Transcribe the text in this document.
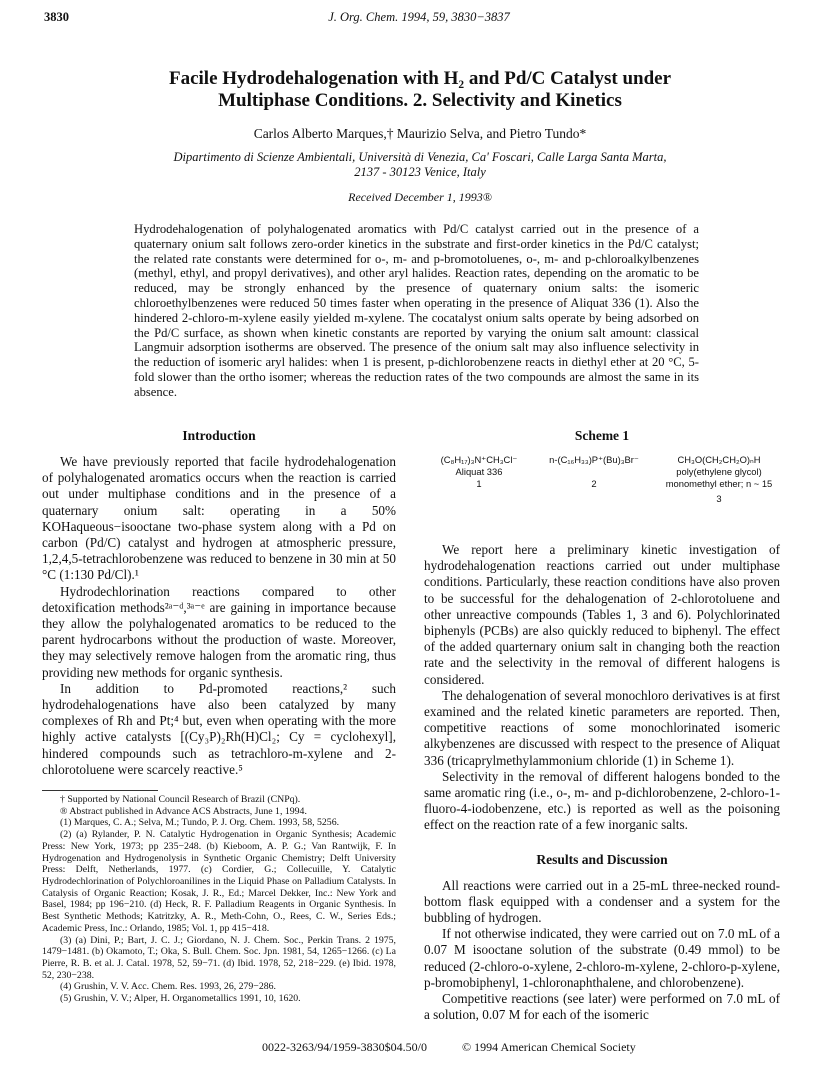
3830	J. Org. Chem. 1994, 59, 3830−3837
Facile Hydrodehalogenation with H₂ and Pd/C Catalyst under
Multiphase Conditions. 2. Selectivity and Kinetics
Carlos Alberto Marques,† Maurizio Selva, and Pietro Tundo*
Dipartimento di Scienze Ambientali, Università di Venezia, Ca' Foscari, Calle Larga Santa Marta,
2137 - 30123 Venice, Italy
Received December 1, 1993®

Hydrodehalogenation of polyhalogenated aromatics with Pd/C catalyst carried out in the presence of a quaternary onium salt follows zero-order kinetics in the substrate and first-order kinetics in the Pd/C catalyst; the related rate constants were determined for o-, m- and p-bromotoluenes, o-, m- and p-chloroalkylbenzenes (methyl, ethyl, and propyl derivatives), and other aryl halides. Reaction rates, depending on the aromatic to be reduced, may be strongly enhanced by the presence of quaternary onium salts: the isomeric chloroethylbenzenes were reduced 50 times faster when operating in the presence of Aliquat 336 (1). Also the hindered 2-chloro-m-xylene easily yielded m-xylene. The cocatalyst onium salts operate by being adsorbed on the Pd/C surface, as shown when kinetic constants are reported by varying the onium salt amount: classical Langmuir adsorption isotherms are observed. The presence of the onium salt may also influence selectivity in the reduction of isomeric aryl halides: when 1 is present, p-dichlorobenzene reacts in diethyl ether at 20 °C, 5-fold slower than the ortho isomer; whereas the reduction rates of the two compounds are almost the same in its absence.

Introduction

We have previously reported that facile hydrodehalogenation of polyhalogenated aromatics occurs when the reaction is carried out under multiphase conditions and in the presence of a quaternary onium salt: operating in a 50% KOHaqueous−isooctane two-phase system along with a Pd on carbon (Pd/C) catalyst and hydrogen at atmospheric pressure, 1,2,4,5-tetrachlorobenzene was reduced to benzene in 30 min at 50 °C (1:130 Pd/Cl).¹

Hydrodechlorination reactions compared to other detoxification methods²ᵃ⁻ᵈ,³ᵃ⁻ᵉ are gaining in importance because they allow the polyhalogenated aromatics to be reduced to the parent hydrocarbons without the production of waste. Moreover, they may selectively remove halogen from the aromatic ring, thus providing new methods for organic synthesis.

In addition to Pd-promoted reactions,² such hydrodehalogenations have also been catalyzed by many complexes of Rh and Pt;⁴ but, even when operating with the more highly active catalysts [(Cy₃P)₂Rh(H)Cl₂; Cy = cyclohexyl], hindered compounds such as tetrachloro-m-xylene and 2-chlorotoluene were scarcely reactive.⁵

† Supported by National Council Research of Brazil (CNPq).

® Abstract published in Advance ACS Abstracts, June 1, 1994.

(1) Marques, C. A.; Selva, M.; Tundo, P. J. Org. Chem. 1993, 58, 5256.

(2) (a) Rylander, P. N. Catalytic Hydrogenation in Organic Synthesis; Academic Press: New York, 1973; pp 235−248. (b) Kieboom, A. P. G.; Van Rantwijk, F. In Hydrogenation and Hydrogenolysis in Synthetic Organic Chemistry; Delft University Press: Delft, Netherlands, 1977. (c) Cordier, G.; Collecuille, Y. Catalytic Hydrodechlorination of Polychloroanilines in the Liquid Phase on Palladium Catalysts. In Catalysis of Organic Reaction; Kosak, J. R., Ed.; Marcel Dekker, Inc.: New York and Basel, 1984; pp 196−210. (d) Heck, R. F. Palladium Reagents in Organic Synthesis. In Best Synthetic Methods; Katritzky, A. R., Meth-Cohn, O., Rees, C. W., Series Eds.; Academic Press, Inc.: Orlando, 1985; Vol. 1, pp 415−418.

(3) (a) Dini, P.; Bart, J. C. J.; Giordano, N. J. Chem. Soc., Perkin Trans. 2 1975, 1479−1481. (b) Okamoto, T.; Oka, S. Bull. Chem. Soc. Jpn. 1981, 54, 1265−1266. (c) La Pierre, R. B. et al. J. Catal. 1978, 52, 59−71. (d) Ibid. 1978, 52, 218−229. (e) Ibid. 1978, 52, 230−238.

(4) Grushin, V. V. Acc. Chem. Res. 1993, 26, 279−286.

(5) Grushin, V. V.; Alper, H. Organometallics 1991, 10, 1620.

Scheme 1
(C₈H₁₇)₃N⁺CH₃Cl⁻
Aliquat 336
1
n-(C₁₆H₃₃)P⁺(Bu)₃Br⁻
2
CH₃O(CH₂CH₂O)ₙH
poly(ethylene glycol)
monomethyl ether; n ~ 15
3

We report here a preliminary kinetic investigation of hydrodehalogenation reactions carried out under multiphase conditions. Particularly, these reaction conditions have also proven to be successful for the dehalogenation of 2-chlorotoluene and other unreactive compounds (Tables 1, 3 and 6). Polychlorinated biphenyls (PCBs) are also quickly reduced to biphenyl. The effect of the added quarternary onium salt in changing both the reaction rate and the selectivity in the removal of different halogens is considered.

The dehalogenation of several monochloro derivatives is at first examined and the related kinetic parameters are reported. Then, competitive reactions of some monochlorinated isomeric alkybenzenes are discussed with respect to the presence of Aliquat 336 (tricaprylmethylammonium chloride (1) in Scheme 1).

Selectivity in the removal of different halogens bonded to the same aromatic ring (i.e., o-, m- and p-dichlorobenzene, 2-chloro-1-fluoro-4-iodobenzene, etc.) is reported as well as the poisoning effect on the reaction rate of a few inorganic salts.

Results and Discussion

All reactions were carried out in a 25-mL three-necked round-bottom flask equipped with a condenser and a system for the bubbling of hydrogen.

If not otherwise indicated, they were carried out on 7.0 mL of a 0.07 M isooctane solution of the substrate (0.49 mmol) to be reduced (2-chloro-o-xylene, 2-chloro-m-xylene, 2-chloro-p-xylene, p-bromobiphenyl, 1-chloronaphthalene, and chlorobenzene).

Competitive reactions (see later) were performed on 7.0 mL of a solution, 0.07 M for each of the isomeric

0022-3263/94/1959-3830$04.50/0	© 1994 American Chemical Society
